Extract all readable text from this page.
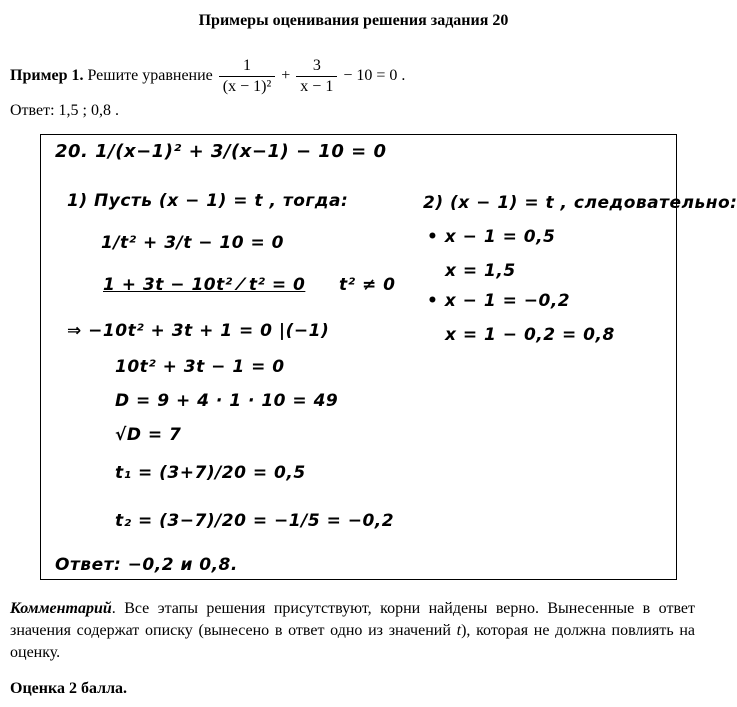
Примеры оценивания решения задания 20
Пример 1. Решите уравнение $\frac{1}{\text{(x − 1)²}} + \frac{3}{x - 1} - 10 = 0$ .
Ответ: 1,5 ; 0,8 .
20. 1/(x−1)² + 3/(x−1) − 10 = 0
1) Пусть (x − 1) = t , тогда:
1/t² + 3/t − 10 = 0
1 + 3t − 10t² ⁄ t² = 0 t² ≠ 0
⇒ −10t² + 3t + 1 = 0 |(−1)
10t² + 3t − 1 = 0
D = 9 + 4 · 1 · 10 = 49
√D = 7
t₁ = (3+7)/20 = 0,5
t₂ = (3−7)/20 = −1/5 = −0,2
Ответ: −0,2 и 0,8.
2) (x − 1) = t , следовательно:
• x − 1 = 0,5
x = 1,5
• x − 1 = −0,2
x = 1 − 0,2 = 0,8
Комментарий. Все этапы решения присутствуют, корни найдены верно. Вынесенные в ответ значения содержат описку (вынесено в ответ одно из значений t), которая не должна повлиять на оценку.
Оценка 2 балла.
